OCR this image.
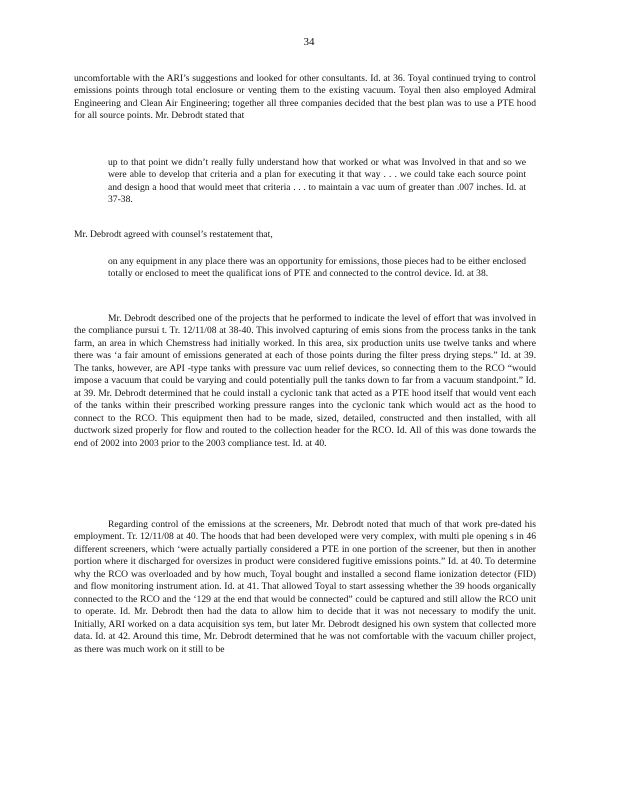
34

uncomfortable with the ARI’s suggestions and looked for other consultants. Id. at 36. Toyal continued trying to control emissions points through total enclosure or venting them to the existing vacuum. Toyal then also employed Admiral Engineering and Clean Air Engineering; together all three companies decided that the best plan was to use a PTE hood for all source points. Mr. Debrodt stated that

up to that point we didn’t really fully understand how that worked or what was Involved in that and so we were able to develop that criteria and a plan for executing it that way . . . we could take each source point and design a hood that would meet that criteria . . . to maintain a vac uum of greater than .007 inches. Id. at 37-38.

Mr. Debrodt agreed with counsel’s restatement that,

on any equipment in any place there was an opportunity for emissions, those pieces had to be either enclosed totally or enclosed to meet the qualificat ions of PTE and connected to the control device. Id. at 38.

Mr. Debrodt described one of the projects that he performed to indicate the level of effort that was involved in the compliance pursui t. Tr. 12/11/08 at 38-40. This involved capturing of emis sions from the process tanks in the tank farm, an area in which Chemstress had initially worked. In this area, six production units use twelve tanks and where there was ‘a fair amount of emissions generated at each of those points during the filter press drying steps.” Id. at 39. The tanks, however, are API -type tanks with pressure vac uum relief devices, so connecting them to the RCO “would impose a vacuum that could be varying and could potentially pull the tanks down to far from a vacuum standpoint.” Id. at 39. Mr. Debrodt determined that he could install a cyclonic tank that acted as a PTE hood itself that would vent each of the tanks within their prescribed working pressure ranges into the cyclonic tank which would act as the hood to connect to the RCO. This equipment then had to be made, sized, detailed, constructed and then installed, with all ductwork sized properly for flow and routed to the collection header for the RCO. Id. All of this was done towards the end of 2002 into 2003 prior to the 2003 compliance test. Id. at 40.

Regarding control of the emissions at the screeners, Mr. Debrodt noted that much of that work pre-dated his employment. Tr. 12/11/08 at 40. The hoods that had been developed were very complex, with multi ple opening s in 46 different screeners, which ‘were actually partially considered a PTE in one portion of the screener, but then in another portion where it discharged for oversizes in product were considered fugitive emissions points.” Id. at 40. To determine why the RCO was overloaded and by how much, Toyal bought and installed a second flame ionization detector (FID) and flow monitoring instrument ation. Id. at 41. That allowed Toyal to start assessing whether the 39 hoods organically connected to the RCO and the ‘129 at the end that would be connected” could be captured and still allow the RCO unit to operate. Id. Mr. Debrodt then had the data to allow him to decide that it was not necessary to modify the unit. Initially, ARI worked on a data acquisition sys tem, but later Mr. Debrodt designed his own system that collected more data. Id. at 42. Around this time, Mr. Debrodt determined that he was not comfortable with the vacuum chiller project, as there was much work on it still to be
